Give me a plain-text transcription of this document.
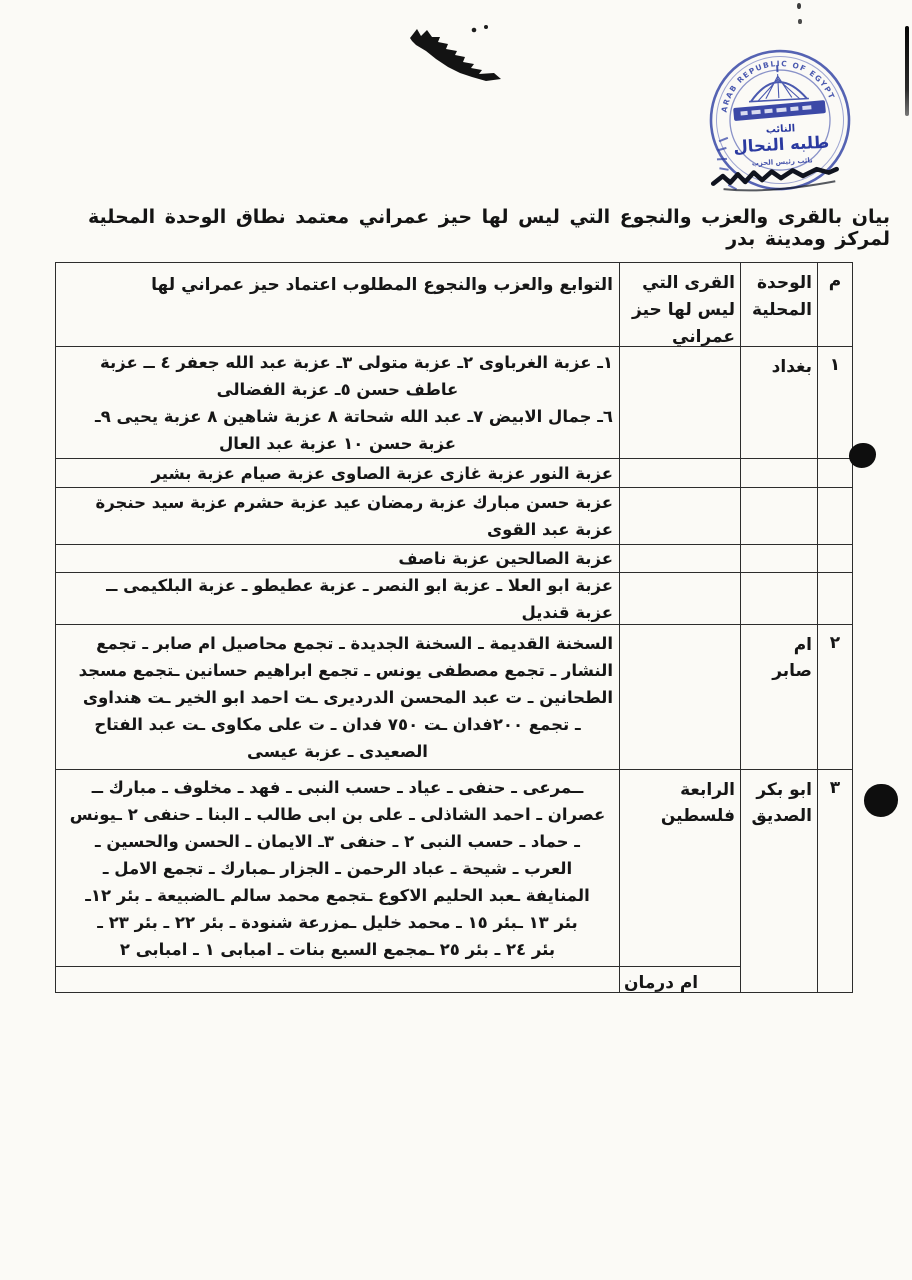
ARAB REPUBLIC OF EGYPT
النائب
طلبه النحال
نائب رئيس الحزب
بيان بالقرى والعزب والنجوع التي ليس لها حيز عمراني معتمد نطاق الوحدة المحلية لمركز ومدينة بدر
م
الوحدة
المحلية
القرى التي
ليس لها حيز
عمراني
التوابع والعزب والنجوع المطلوب اعتماد حيز عمراني لها
١
بغداد
١ـ عزبة الغرباوى ٢ـ عزبة متولى ٣ـ عزبة عبد الله جعفر ٤ ــ عزبة
عاطف حسن ٥ـ عزبة الفضالى
٦ـ جمال الابيض ٧ـ عبد الله شحاتة ٨ عزبة شاهين ٨ عزبة يحيى ٩ـ
عزبة حسن ١٠ عزبة عبد العال
عزبة النور عزبة غازى عزبة الصاوى عزبة صيام عزبة بشير
عزبة حسن مبارك عزبة رمضان عيد عزبة حشرم عزبة سيد حنجرة
عزبة عبد القوى
عزبة الصالحين عزبة ناصف
عزبة ابو العلا ـ عزبة ابو النصر ـ عزبة عطيطو ـ عزبة البلكيمى ــ
عزبة قنديل
٢
ام
صابر
السخنة القديمة ـ السخنة الجديدة ـ تجمع محاصيل ام صابر ـ تجمع
النشار ـ تجمع مصطفى يونس ـ تجمع ابراهيم حسانين ـتجمع مسجد
الطحانين ـ ت عبد المحسن الدرديرى ـت احمد ابو الخير ـت هنداوى
ـ تجمع ٢٠٠فدان ـت ٧٥٠ فدان ـ ت على مكاوى ـت عبد الفتاح
الصعيدى ـ عزبة عيسى
٣
ابو بكر
الصديق
الرابعة
فلسطين
ــمرعى ـ حنفى ـ عياد ـ حسب النبى ـ فهد ـ مخلوف ـ مبارك ــ
عصران ـ احمد الشاذلى ـ على بن ابى طالب ـ البنا ـ حنفى ٢ ـيونس
ـ حماد ـ حسب النبى ٢ ـ حنفى ٣ـ الايمان ـ الحسن والحسين ـ
العرب ـ شيحة ـ عباد الرحمن ـ الجزار ـمبارك ـ تجمع الامل ـ
المنايفة ـعبد الحليم الاكوع ـتجمع محمد سالم ـالضبيعة ـ بئر ١٢ـ
بئر ١٣ ـبئر ١٥ ـ محمد خليل ـمزرعة شنودة ـ بئر ٢٢ ـ بئر ٢٣ ـ
بئر ٢٤ ـ بئر ٢٥ ـمجمع السبع بنات ـ امبابى ١ ـ امبابى ٢
ام درمان
